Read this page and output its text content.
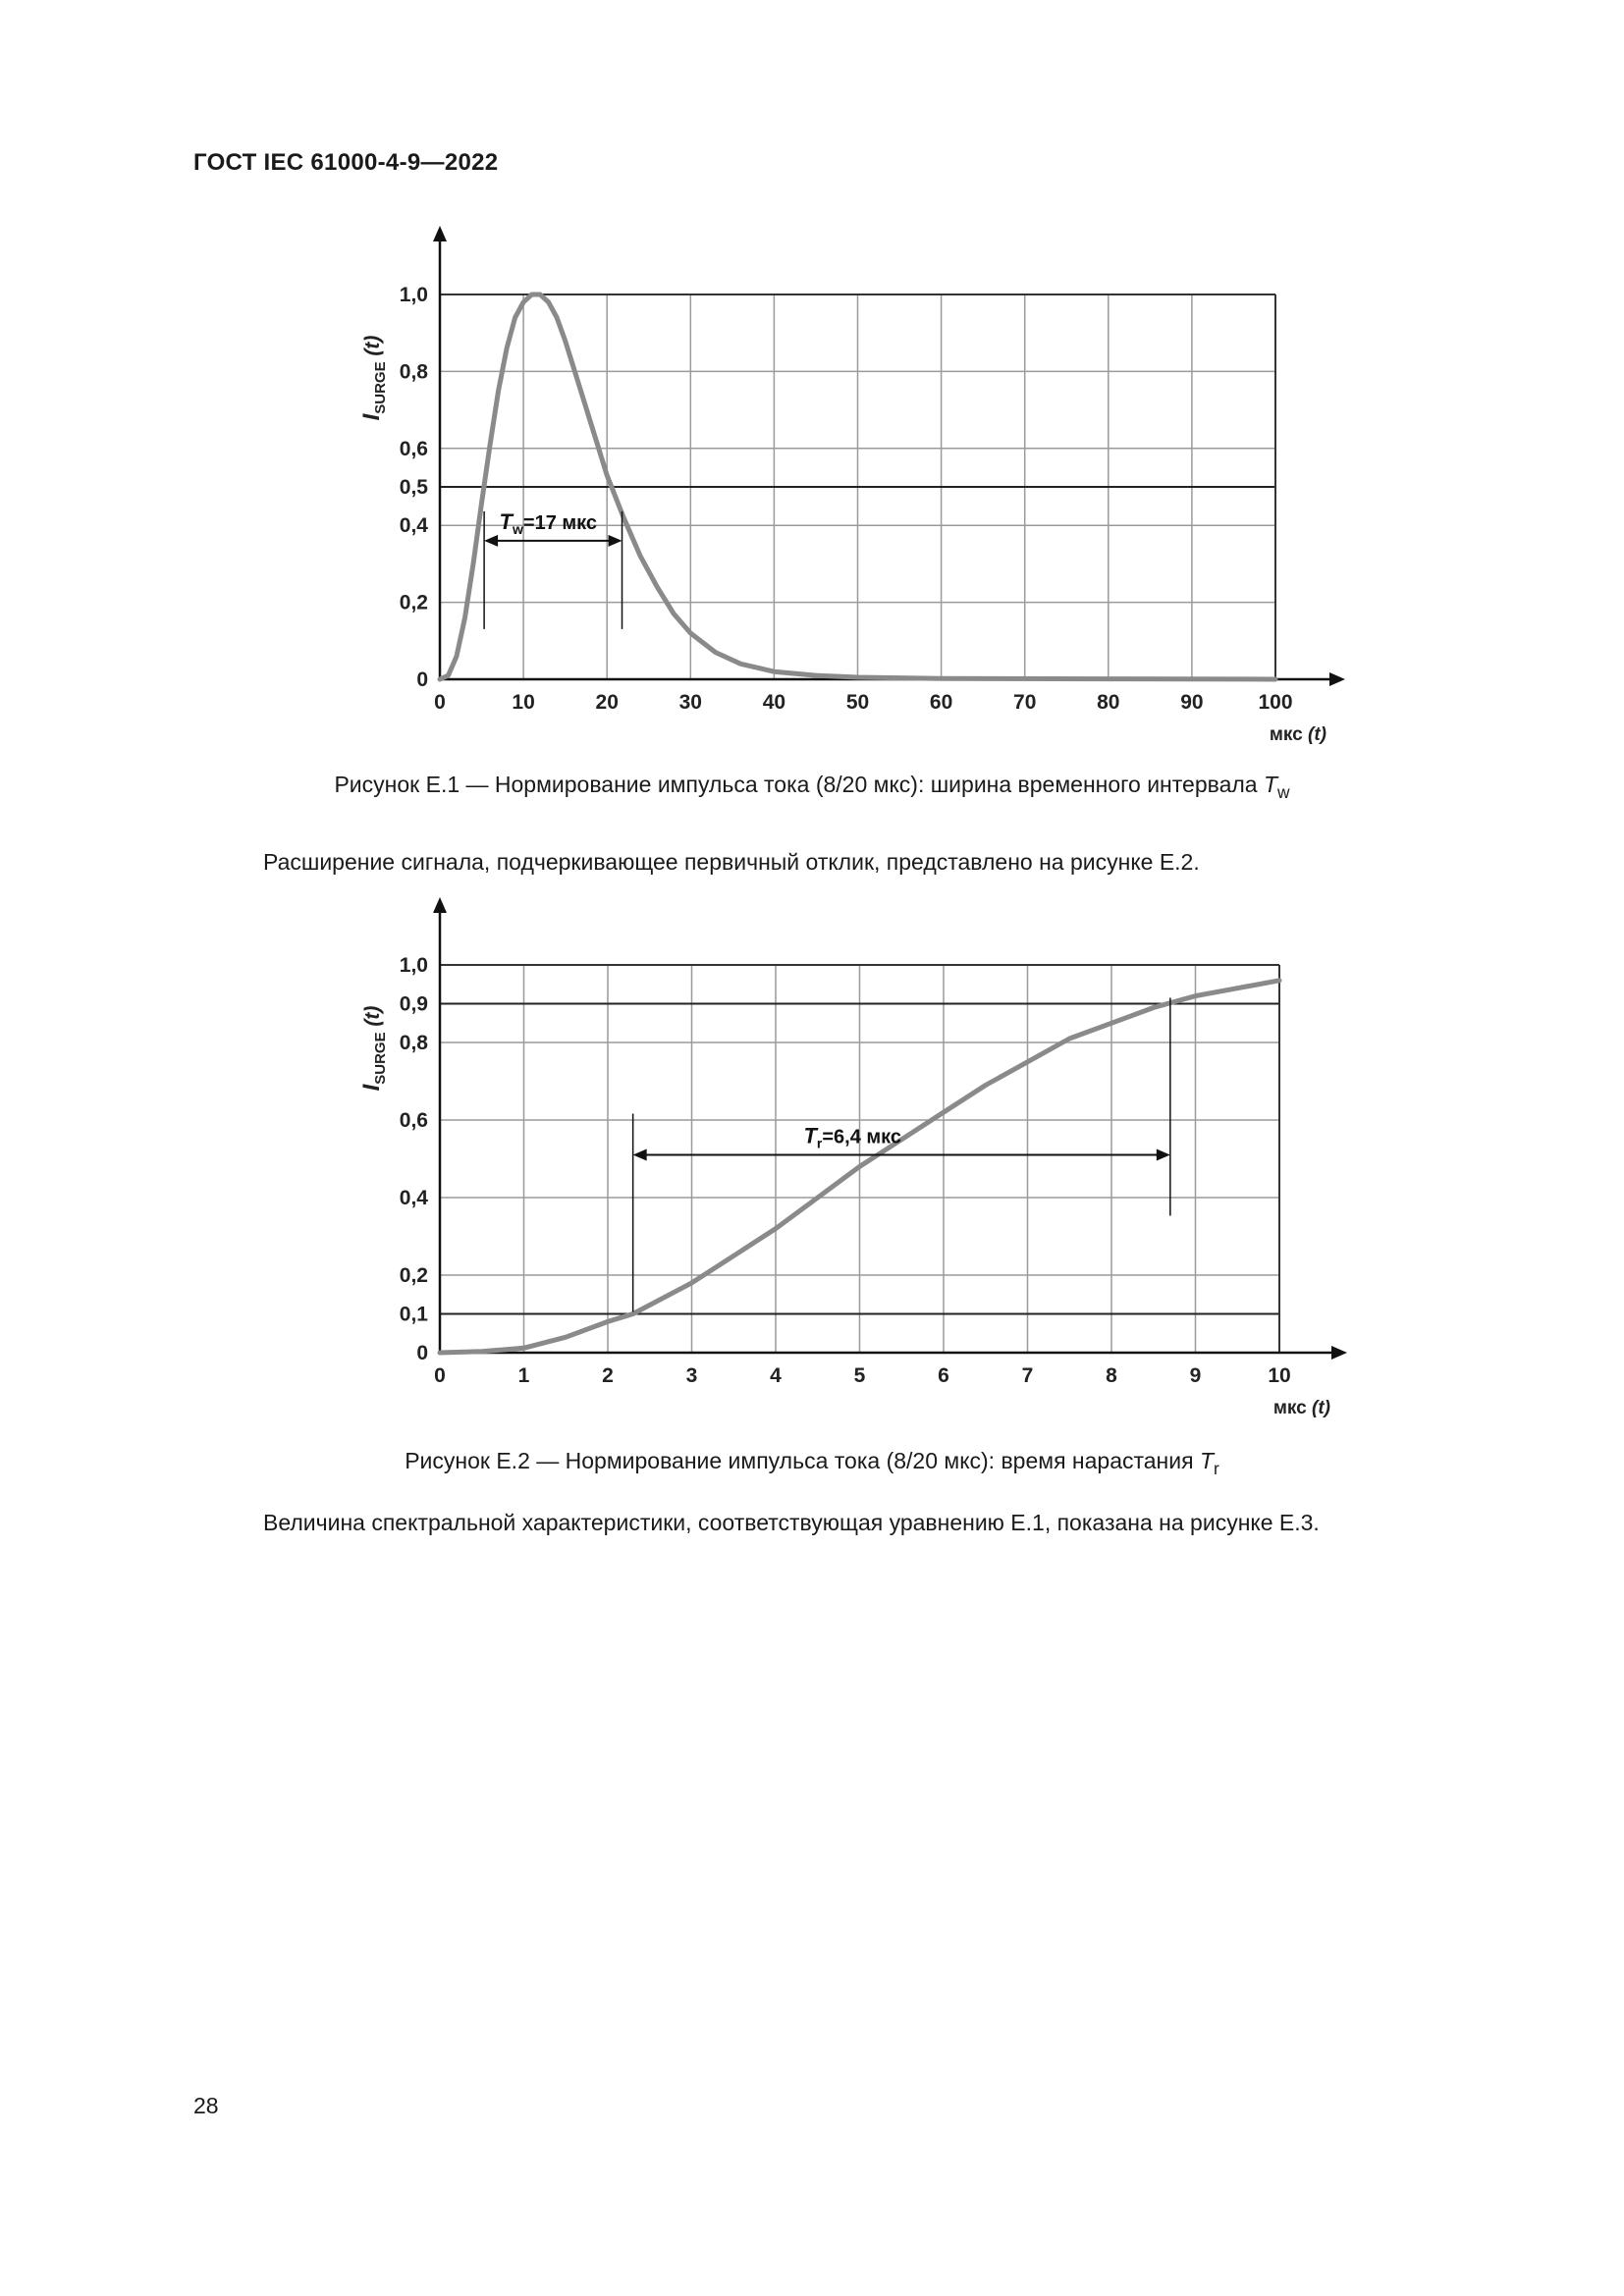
ГОСТ IEC 61000-4-9—2022
0	10	20	30	40	50	60	70	80	90	100
0
0,2
0,4
0,5
0,6
0,8
1,0
мкс (t)
$I_{SURGE}$ (t)
$T_w=17$ мкс
Рисунок Е.1 — Нормирование импульса тока (8/20 мкс): ширина временного интервала $T_w$
Расширение сигнала, подчеркивающее первичный отклик, представлено на рисунке Е.2.
0	1	2	3	4	5	6	7	8	9	10
0
0,1
0,2
0,4
0,6
0,8
0,9
1,0
мкс (t)
$I_{SURGE}$ (t)
$T_r=6,4$ мкс
Рисунок Е.2 — Нормирование импульса тока (8/20 мкс): время нарастания $T_r$
Величина спектральной характеристики, соответствующая уравнению Е.1, показана на рисунке Е.3.
28
